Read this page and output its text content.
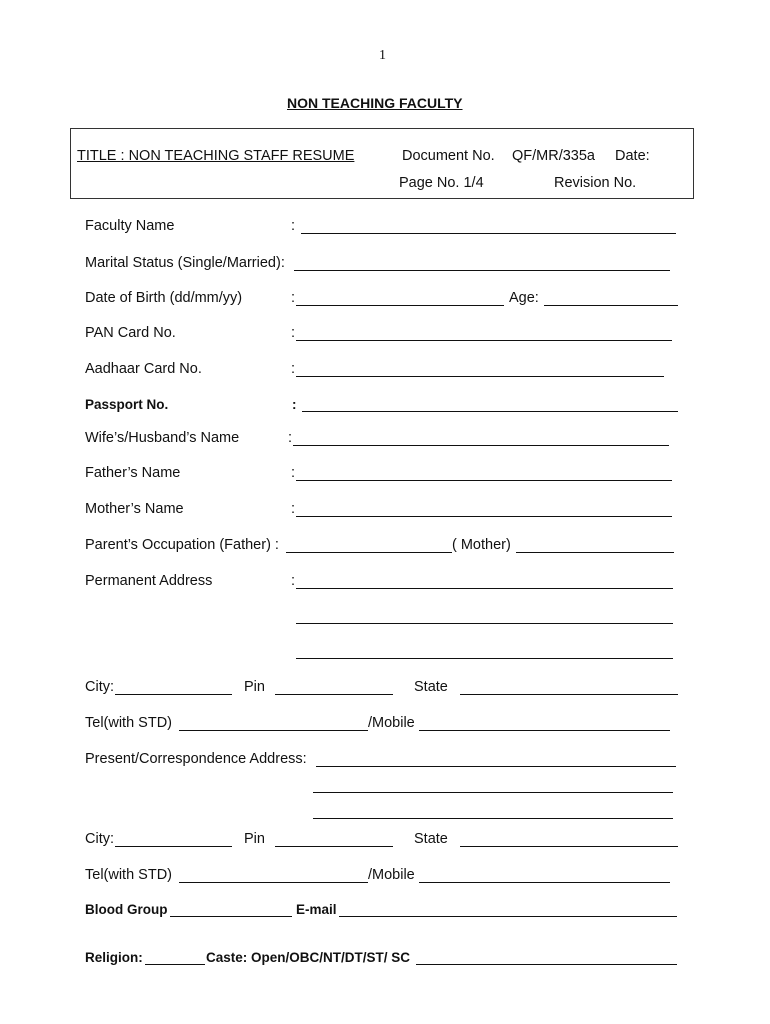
1
NON TEACHING FACULTY
TITLE : NON TEACHING STAFF RESUME	Document No. QF/MR/335a Date:
Page No. 1/4	Revision No.
Faculty Name	:
Marital Status (Single/Married):
Date of Birth (dd/mm/yy)	:	Age:
PAN Card No.	:
Aadhaar Card No.	:
Passport No.	:
Wife’s/Husband’s Name	:
Father’s Name	:
Mother’s Name	:
Parent’s Occupation (Father) :	( Mother)
Permanent Address	:
City:	Pin	State
Tel(with STD)	/Mobile
Present/Correspondence Address:
City:	Pin	State
Tel(with STD)	/Mobile
Blood Group	E-mail
Religion:	Caste: Open/OBC/NT/DT/ST/ SC
